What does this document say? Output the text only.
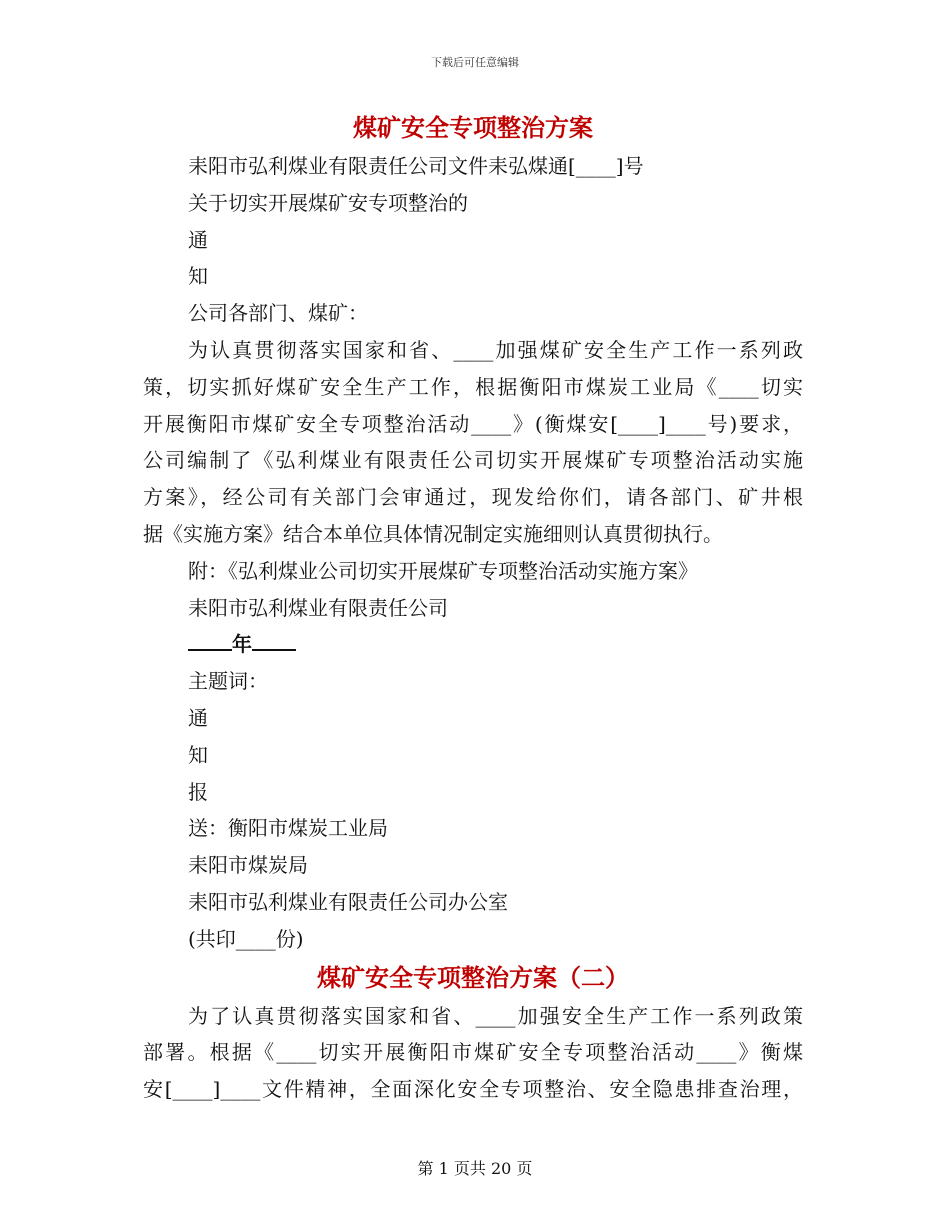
下载后可任意编辑
煤矿安全专项整治方案
耒阳市弘利煤业有限责任公司文件耒弘煤通[____]号
关于切实开展煤矿安专项整治的
通
知
公司各部门、煤矿：
为认真贯彻落实国家和省、____加强煤矿安全生产工作一系列政
策，切实抓好煤矿安全生产工作，根据衡阳市煤炭工业局《____切实
开展衡阳市煤矿安全专项整治活动____》(衡煤安[____]____号)要求，
公司编制了《弘利煤业有限责任公司切实开展煤矿专项整治活动实施
方案》，经公司有关部门会审通过，现发给你们，请各部门、矿井根
据《实施方案》结合本单位具体情况制定实施细则认真贯彻执行。
附：《弘利煤业公司切实开展煤矿专项整治活动实施方案》
耒阳市弘利煤业有限责任公司
年
主题词：
通
知
报
送：衡阳市煤炭工业局
耒阳市煤炭局
耒阳市弘利煤业有限责任公司办公室
(共印____份)
煤矿安全专项整治方案（二）
为了认真贯彻落实国家和省、____加强安全生产工作一系列政策
部署。根据《____切实开展衡阳市煤矿安全专项整治活动____》衡煤
安[____]____文件精神，全面深化安全专项整治、安全隐患排查治理，
第 1 页共 20 页
